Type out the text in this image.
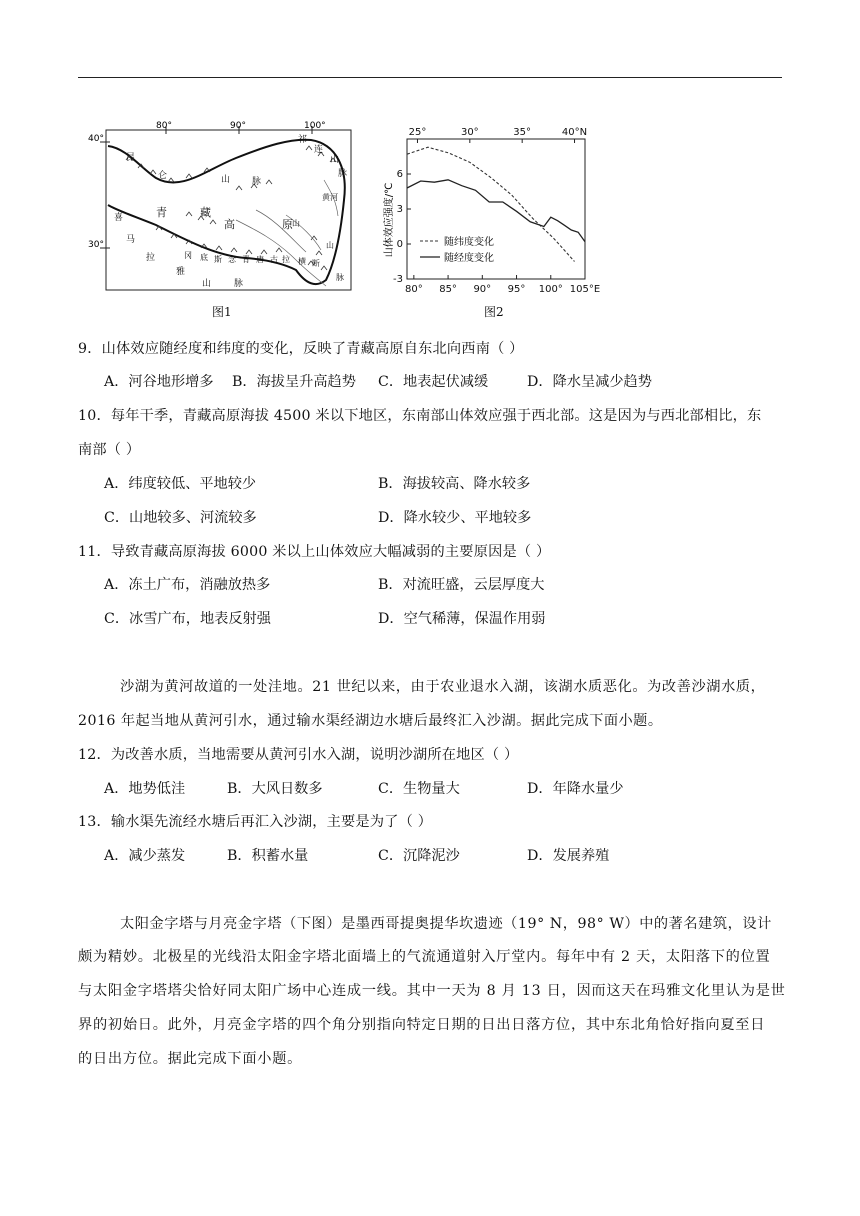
80°	90°	100°
40°
30°
昆
仑	山 脉
青	藏
高	原
喜
马
拉
雅
山	脉
祁
连
山
脉
黄河
冈 底 斯 念 青 唐 古 拉
山
横 断
山
脉
图1
25°	30°	35°	40°N
80° 85° 90° 95° 100° 105°E
6
3
0
-3
山体效应强度/℃	随纬度变化
随经度变化
图2
9．山体效应随经度和纬度的变化，反映了青藏高原自东北向西南（ ）
A．河谷地形增多 B．海拔呈升高趋势 C．地表起伏减缓	D．降水呈减少趋势
10．每年干季，青藏高原海拔 4500 米以下地区，东南部山体效应强于西北部。这是因为与西北部相比，东
南部（ ）
A．纬度较低、平地较少	B．海拔较高、降水较多
C．山地较多、河流较多	D．降水较少、平地较多
11．导致青藏高原海拔 6000 米以上山体效应大幅减弱的主要原因是（ ）
A．冻土广布，消融放热多	B．对流旺盛，云层厚度大
C．冰雪广布，地表反射强	D．空气稀薄，保温作用弱
沙湖为黄河故道的一处洼地。21 世纪以来，由于农业退水入湖，该湖水质恶化。为改善沙湖水质，
2016 年起当地从黄河引水，通过输水渠经湖边水塘后最终汇入沙湖。据此完成下面小题。
12．为改善水质，当地需要从黄河引水入湖，说明沙湖所在地区（ ）
A．地势低洼	B．大风日数多	C．生物量大	D．年降水量少
13．输水渠先流经水塘后再汇入沙湖，主要是为了（ ）
A．减少蒸发	B．积蓄水量	C．沉降泥沙	D．发展养殖
太阳金字塔与月亮金字塔（下图）是墨西哥提奥提华坎遗迹（19° N，98° W）中的著名建筑，设计
颇为精妙。北极星的光线沿太阳金字塔北面墙上的气流通道射入厅堂内。每年中有 2 天，太阳落下的位置
与太阳金字塔塔尖恰好同太阳广场中心连成一线。其中一天为 8 月 13 日，因而这天在玛雅文化里认为是世
界的初始日。此外，月亮金字塔的四个角分别指向特定日期的日出日落方位，其中东北角恰好指向夏至日
的日出方位。据此完成下面小题。
